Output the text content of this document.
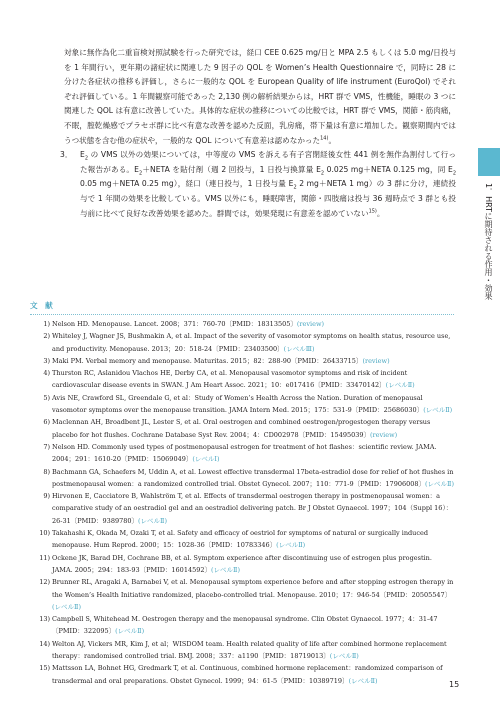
対象に無作為化二重盲検対照試験を行った研究では，経口 CEE 0.625 mg/日と MPA 2.5 もしくは 5.0 mg/日投与を 1 年間行い，更年期の諸症状に関連した 9 因子の QOL を Women’s Health Questionnaire で，同時に 28 に分けた各症状の推移も評価し，さらに一般的な QOL を European Quality of life instrument (EuroQol) でそれぞれ評価している。1 年間観察可能であった 2,130 例の解析結果からは，HRT 群で VMS，性機能，睡眠の 3 つに関連した QOL は有意に改善していた。具体的な症状の推移についての比較では，HRT 群で VMS，関節・筋肉痛，不眠，膣乾燥感でプラセボ群に比べ有意な改善を認めた反面，乳房痛，帯下量は有意に増加した。観察期間内ではうつ状態を含む他の症状や，一般的な QOL について有意差は認めなかった$^{14)}$。

3． $E_2$ の VMS 以外の効果については，中等度の VMS を訴える有子宮閉経後女性 441 例を無作為割付して行った報告がある。$E_2+NETA$ を貼付剤（週 2 回投与，1 日投与換算量 $E_2$ 0.025 mg＋NETA 0.125 mg，同 $E_2$ 0.05 mg＋NETA 0.25 mg），経口（連日投与，1 日投与量 $E_2$ 2 mg＋NETA 1 mg）の 3 群に分け，連続投与で 1 年間の効果を比較している。VMS 以外にも，睡眠障害，関節・四肢痛は投与 36 週時点で 3 群とも投与前に比べて良好な改善効果を認めた。群間では，効果発現に有意差を認めていない$^{15)}$。
文　献

1) Nelson HD. Menopause. Lancet. 2008；371：760-70〔PMID：18313505〕(review)

2) Whiteley J, Wagner JS, Bushmakin A, et al. Impact of the severity of vasomotor symptoms on health status, resource use, and productivity. Menopause. 2013；20：518-24〔PMID：23403500〕(レベルⅢ)

3) Maki PM. Verbal memory and menopause. Maturitas. 2015；82：288-90〔PMID：26433715〕(review)

4) Thurston RC, Aslanidou Vlachos HE, Derby CA, et al. Menopausal vasomotor symptoms and risk of incident cardiovascular disease events in SWAN. J Am Heart Assoc. 2021；10：e017416〔PMID：33470142〕(レベルⅡ)

5) Avis NE, Crawford SL, Greendale G, et al：Study of Women’s Health Across the Nation. Duration of menopausal vasomotor symptoms over the menopause transition. JAMA Intern Med. 2015；175：531-9〔PMID：25686030〕(レベルⅡ)

6) Maclennan AH, Broadbent JL, Lester S, et al. Oral oestrogen and combined oestrogen/progestogen therapy versus placebo for hot flushes. Cochrane Database Syst Rev. 2004；4：CD002978〔PMID：15495039〕(review)

7) Nelson HD. Commonly used types of postmenopausal estrogen for treatment of hot flashes：scientific review. JAMA. 2004；291：1610-20〔PMID：15069049〕(レベルⅠ)

8) Bachmann GA, Schaefers M, Uddin A, et al. Lowest effective transdermal 17beta-estradiol dose for relief of hot flushes in postmenopausal women：a randomized controlled trial. Obstet Gynecol. 2007；110：771-9〔PMID：17906008〕(レベルⅡ)

9) Hirvonen E, Cacciatore B, Wahlström T, et al. Effects of transdermal oestrogen therapy in postmenopausal women：a comparative study of an oestradiol gel and an oestradiol delivering patch. Br J Obstet Gynaecol. 1997；104（Suppl 16）：26-31〔PMID：9389780〕(レベルⅡ)

10) Takahashi K, Okada M, Ozaki T, et al. Safety and efficacy of oestriol for symptoms of natural or surgically induced menopause. Hum Reprod. 2000；15：1028-36〔PMID：10783346〕(レベルⅡ)

11) Ockene JK, Barad DH, Cochrane BB, et al. Symptom experience after discontinuing use of estrogen plus progestin. JAMA. 2005；294：183-93〔PMID：16014592〕(レベルⅡ)

12) Brunner RL, Aragaki A, Barnabei V, et al. Menopausal symptom experience before and after stopping estrogen therapy in the Women’s Health Initiative randomized, placebo-controlled trial. Menopause. 2010；17：946-54〔PMID：20505547〕(レベルⅡ)

13) Campbell S, Whitehead M. Oestrogen therapy and the menopausal syndrome. Clin Obstet Gynaecol. 1977；4：31-47〔PMID：322095〕(レベルⅡ)

14) Welton AJ, Vickers MR, Kim J, et al；WISDOM team. Health related quality of life after combined hormone replacement therapy：randomised controlled trial. BMJ. 2008；337：a1190〔PMID：18719013〕(レベルⅡ)

15) Mattsson LA, Bohnet HG, Gredmark T, et al. Continuous, combined hormone replacement：randomized comparison of transdermal and oral preparations. Obstet Gynecol. 1999；94：61-5〔PMID：10389719〕(レベルⅡ)

総
論
1．HRTに期待される作用・効果
15
